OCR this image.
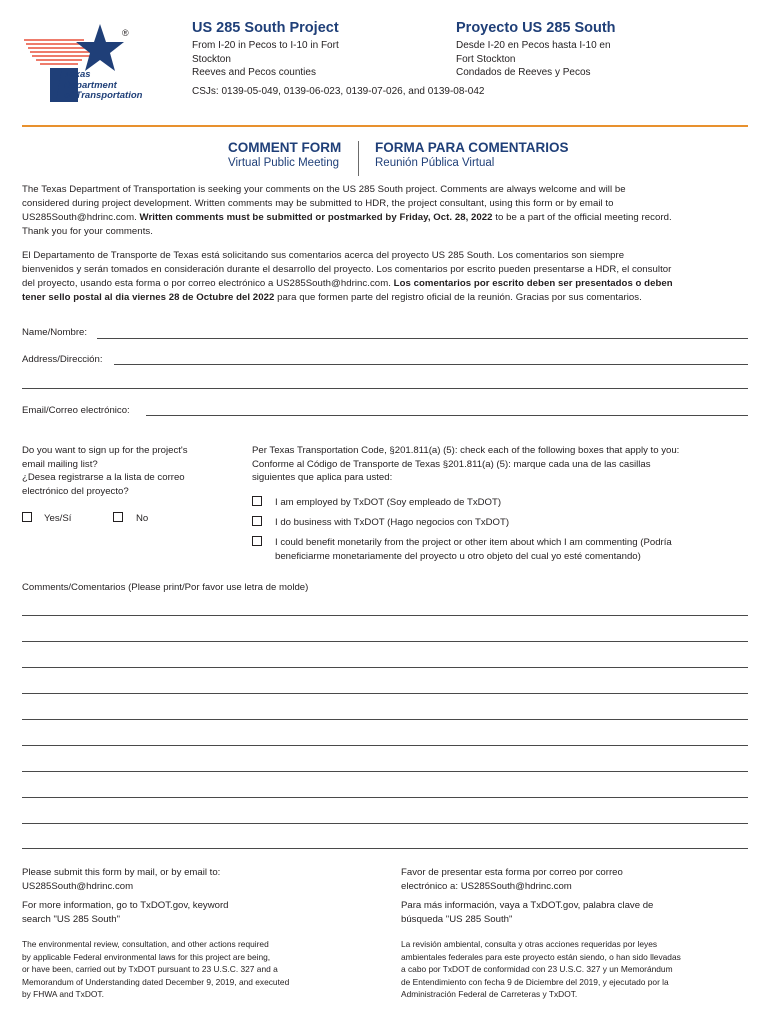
®
Texas
Department
of Transportation
US 285 South Project
From I-20 in Pecos to I-10 in Fort
Stockton
Reeves and Pecos counties
Proyecto US 285 South
Desde I-20 en Pecos hasta I-10 en
Fort Stockton
Condados de Reeves y Pecos
CSJs: 0139-05-049, 0139-06-023, 0139-07-026, and 0139-08-042
COMMENT FORM
Virtual Public Meeting
FORMA PARA COMENTARIOS
Reunión Pública Virtual
The Texas Department of Transportation is seeking your comments on the US 285 South project. Comments are always welcome and will be
considered during project development. Written comments may be submitted to HDR, the project consultant, using this form or by email to
US285South@hdrinc.com. Written comments must be submitted or postmarked by Friday, Oct. 28, 2022 to be a part of the official meeting record.
Thank you for your comments.
El Departamento de Transporte de Texas está solicitando sus comentarios acerca del proyecto US 285 South. Los comentarios son siempre
bienvenidos y serán tomados en consideración durante el desarrollo del proyecto. Los comentarios por escrito pueden presentarse a HDR, el consultor
del proyecto, usando esta forma o por correo electrónico a US285South@hdrinc.com. Los comentarios por escrito deben ser presentados o deben
tener sello postal al dia viernes 28 de Octubre del 2022 para que formen parte del registro oficial de la reunión. Gracias por sus comentarios.
Name/Nombre:
Address/Dirección:
Email/Correo electrónico:
Do you want to sign up for the project's
email mailing list?
¿Desea registrarse a la lista de correo
electrónico del proyecto?
Yes/Sí	No
Per Texas Transportation Code, §201.811(a) (5): check each of the following boxes that apply to you:
Conforme al Código de Transporte de Texas §201.811(a) (5): marque cada una de las casillas
siguientes que aplica para usted:
I am employed by TxDOT (Soy empleado de TxDOT)
I do business with TxDOT (Hago negocios con TxDOT)
I could benefit monetarily from the project or other item about which I am commenting (Podría
beneficiarme monetariamente del proyecto u otro objeto del cual yo esté comentando)
Comments/Comentarios (Please print/Por favor use letra de molde)
Please submit this form by mail, or by email to:
US285South@hdrinc.com
For more information, go to TxDOT.gov, keyword
search "US 285 South"
The environmental review, consultation, and other actions required
by applicable Federal environmental laws for this project are being,
or have been, carried out by TxDOT pursuant to 23 U.S.C. 327 and a
Memorandum of Understanding dated December 9, 2019, and executed
by FHWA and TxDOT.
Favor de presentar esta forma por correo por correo
electrónico a: US285South@hdrinc.com
Para más información, vaya a TxDOT.gov, palabra clave de
búsqueda "US 285 South"
La revisión ambiental, consulta y otras acciones requeridas por leyes
ambientales federales para este proyecto están siendo, o han sido llevadas
a cabo por TxDOT de conformidad con 23 U.S.C. 327 y un Memorándum
de Entendimiento con fecha 9 de Diciembre del 2019, y ejecutado por la
Administración Federal de Carreteras y TxDOT.
